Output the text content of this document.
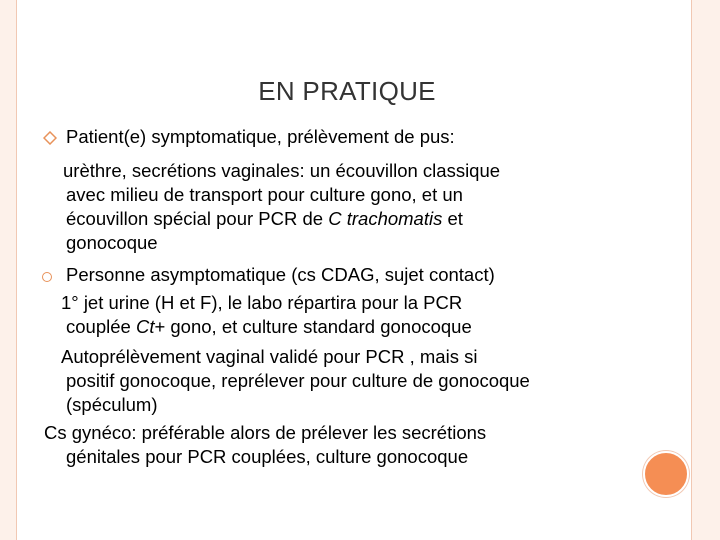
EN PRATIQUE
Patient(e) symptomatique, prélèvement de pus:
urèthre, secrétions vaginales: un écouvillon classique
avec milieu de transport pour culture gono, et un
écouvillon spécial pour PCR de C trachomatis et
gonocoque
Personne asymptomatique (cs CDAG, sujet contact)
1° jet urine (H et F), le labo répartira pour la PCR
couplée Ct+ gono, et culture standard gonocoque
Autoprélèvement vaginal validé pour PCR , mais si
positif gonocoque, reprélever pour culture de gonocoque
(spéculum)
Cs gynéco: préférable alors de prélever les secrétions
génitales pour PCR couplées, culture gonocoque
